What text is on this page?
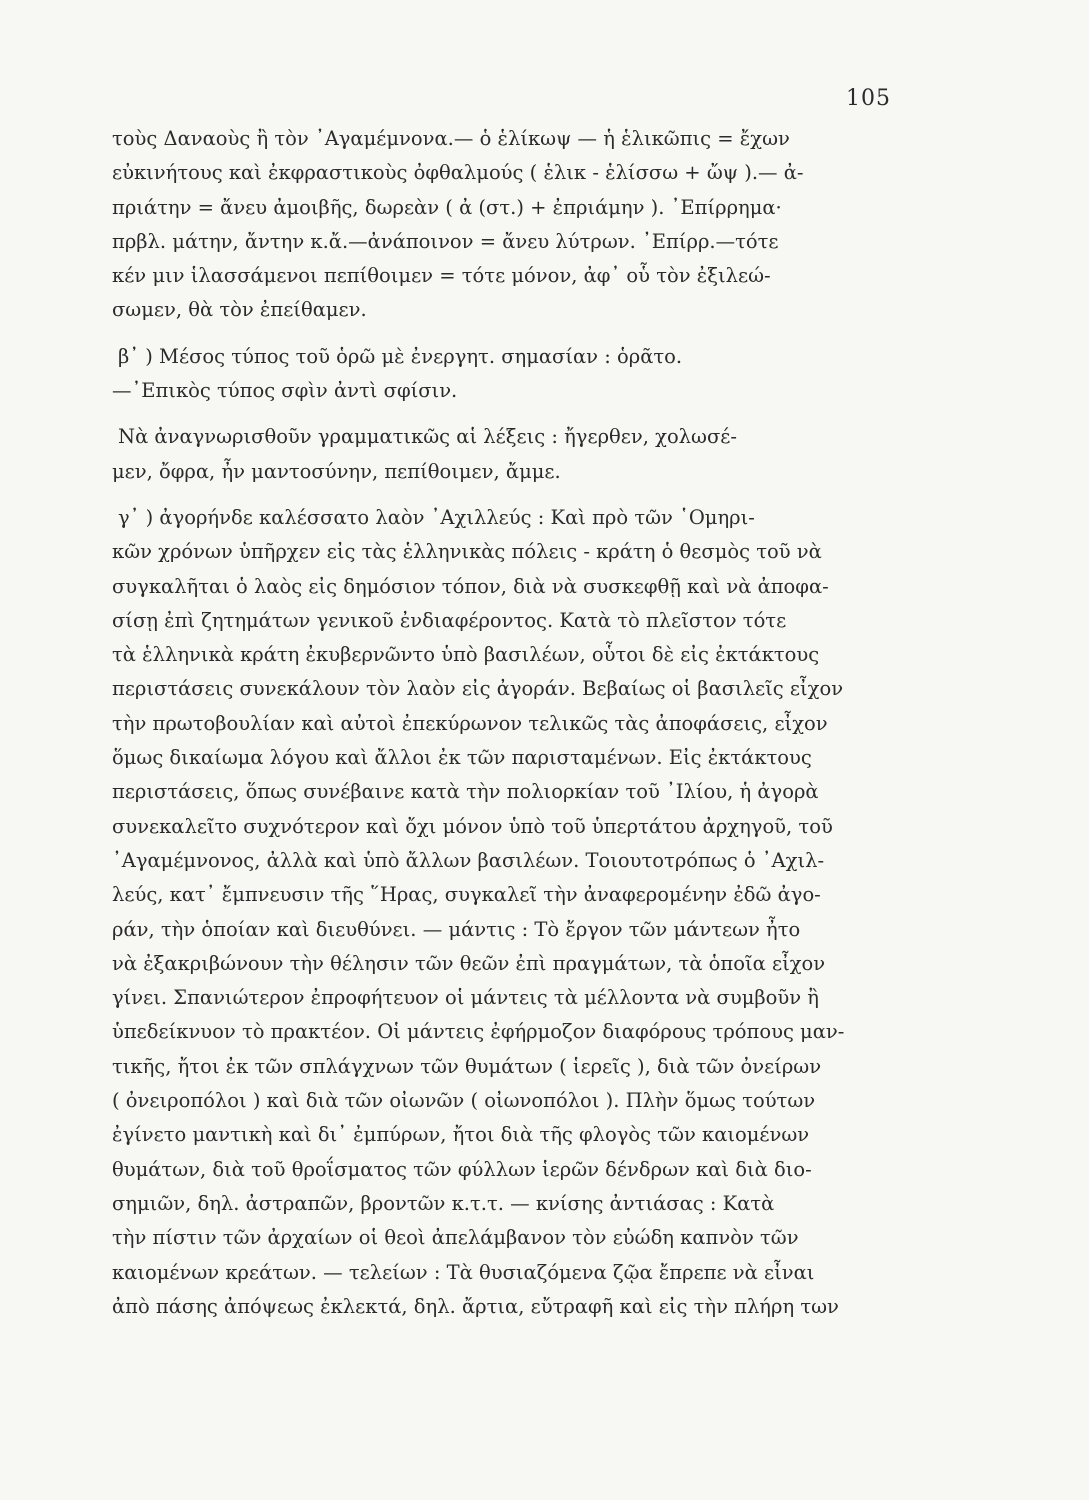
105
τοὺς Δαναοὺς ἢ τὸν ᾿Αγαμέμνονα.— ὁ ἑλίκωψ — ἡ ἑλικῶπις = ἔχων
εὐκινήτους καὶ ἐκφραστικοὺς ὀφθαλμούς ( ἑλικ - ἑλίσσω + ὤψ ).— ἀ-
πριάτην = ἄνευ ἀμοιβῆς, δωρεὰν ( ἀ (στ.) + ἐπριάμην ). ᾿Επίρρημα·
πρβλ. μάτην, ἄντην κ.ἄ.—ἀνάποινον = ἄνευ λύτρων. ᾿Επίρρ.—τότε
κέν μιν ἱλασσάμενοι πεπίθοιμεν = τότε μόνον, ἀφ᾿ οὗ τὸν ἐξιλεώ-
σωμεν, θὰ τὸν ἐπείθαμεν.
β᾿ ) Μέσος τύπος τοῦ ὁρῶ μὲ ἐνεργητ. σημασίαν : ὁρᾶτο.
—᾿Επικὸς τύπος σφὶν ἀντὶ σφίσιν.
Νὰ ἀναγνωρισθοῦν γραμματικῶς αἱ λέξεις : ἤγερθεν, χολωσέ-
μεν, ὄφρα, ἦν μαντοσύνην, πεπίθοιμεν, ἄμμε.
γ᾿ ) ἀγορήνδε καλέσσατο λαὸν ᾿Αχιλλεύς : Καὶ πρὸ τῶν ῾Ομηρι-
κῶν χρόνων ὑπῆρχεν εἰς τὰς ἑλληνικὰς πόλεις - κράτη ὁ θεσμὸς τοῦ νὰ
συγκαλῆται ὁ λαὸς εἰς δημόσιον τόπον, διὰ νὰ συσκεφθῇ καὶ νὰ ἀποφα-
σίσῃ ἐπὶ ζητημάτων γενικοῦ ἐνδιαφέροντος. Κατὰ τὸ πλεῖστον τότε
τὰ ἑλληνικὰ κράτη ἐκυβερνῶντο ὑπὸ βασιλέων, οὗτοι δὲ εἰς ἐκτάκτους
περιστάσεις συνεκάλουν τὸν λαὸν εἰς ἀγοράν. Βεβαίως οἱ βασιλεῖς εἶχον
τὴν πρωτοβουλίαν καὶ αὐτοὶ ἐπεκύρωνον τελικῶς τὰς ἀποφάσεις, εἶχον
ὅμως δικαίωμα λόγου καὶ ἄλλοι ἐκ τῶν παρισταμένων. Εἰς ἐκτάκτους
περιστάσεις, ὅπως συνέβαινε κατὰ τὴν πολιορκίαν τοῦ ᾿Ιλίου, ἡ ἀγορὰ
συνεκαλεῖτο συχνότερον καὶ ὄχι μόνον ὑπὸ τοῦ ὑπερτάτου ἀρχηγοῦ, τοῦ
᾿Αγαμέμνονος, ἀλλὰ καὶ ὑπὸ ἄλλων βασιλέων. Τοιουτοτρόπως ὁ ᾿Αχιλ-
λεύς, κατ᾿ ἔμπνευσιν τῆς ῞Ηρας, συγκαλεῖ τὴν ἀναφερομένην ἐδῶ ἀγο-
ράν, τὴν ὁποίαν καὶ διευθύνει. — μάντις : Τὸ ἔργον τῶν μάντεων ἦτο
νὰ ἐξακριβώνουν τὴν θέλησιν τῶν θεῶν ἐπὶ πραγμάτων, τὰ ὁποῖα εἶχον
γίνει. Σπανιώτερον ἐπροφήτευον οἱ μάντεις τὰ μέλλοντα νὰ συμβοῦν ἢ
ὑπεδείκνυον τὸ πρακτέον. Οἱ μάντεις ἐφήρμοζον διαφόρους τρόπους μαν-
τικῆς, ἤτοι ἐκ τῶν σπλάγχνων τῶν θυμάτων ( ἱερεῖς ), διὰ τῶν ὀνείρων
( ὀνειροπόλοι ) καὶ διὰ τῶν οἰωνῶν ( οἰωνοπόλοι ). Πλὴν ὅμως τούτων
ἐγίνετο μαντικὴ καὶ δι᾿ ἐμπύρων, ἤτοι διὰ τῆς φλογὸς τῶν καιομένων
θυμάτων, διὰ τοῦ θροΐσματος τῶν φύλλων ἱερῶν δένδρων καὶ διὰ διο-
σημιῶν, δηλ. ἀστραπῶν, βροντῶν κ.τ.τ. — κνίσης ἀντιάσας : Κατὰ
τὴν πίστιν τῶν ἀρχαίων οἱ θεοὶ ἀπελάμβανον τὸν εὐώδη καπνὸν τῶν
καιομένων κρεάτων. — τελείων : Τὰ θυσιαζόμενα ζῷα ἔπρεπε νὰ εἶναι
ἀπὸ πάσης ἀπόψεως ἐκλεκτά, δηλ. ἄρτια, εὔτραφῆ καὶ εἰς τὴν πλήρη των
